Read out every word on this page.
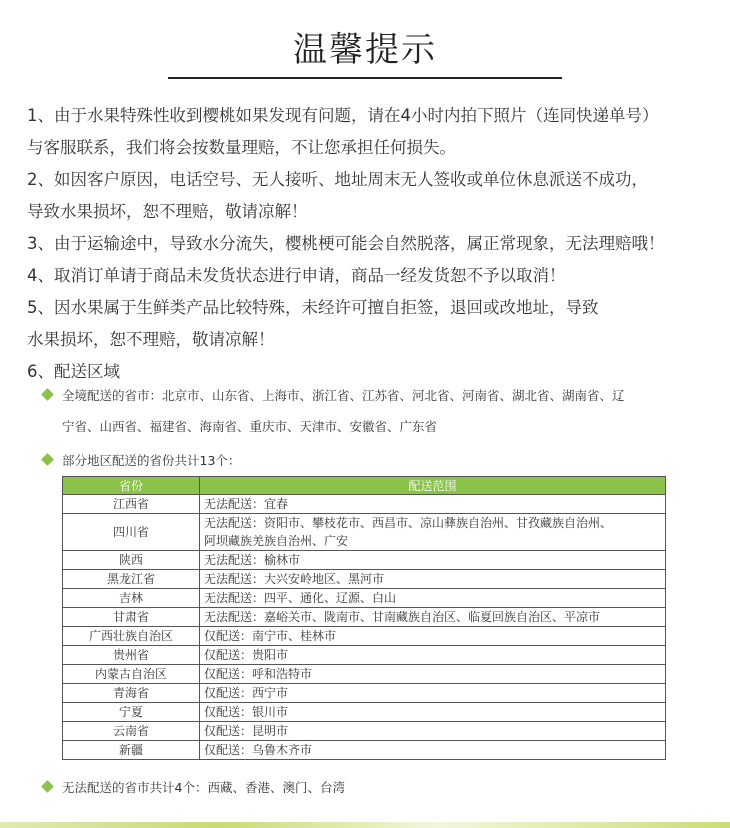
温馨提示
1、由于水果特殊性收到樱桃如果发现有问题，请在4小时内拍下照片（连同快递单号）
与客服联系，我们将会按数量理赔，不让您承担任何损失。
2、如因客户原因，电话空号、无人接听、地址周末无人签收或单位休息派送不成功，
导致水果损坏，恕不理赔，敬请凉解！
3、由于运输途中，导致水分流失，樱桃梗可能会自然脱落，属正常现象，无法理赔哦！
4、取消订单请于商品未发货状态进行申请，商品一经发货恕不予以取消！
5、因水果属于生鲜类产品比较特殊，未经许可擅自拒签，退回或改地址，导致
水果损坏，恕不理赔，敬请凉解！
6、配送区域
全境配送的省市：北京市、山东省、上海市、浙江省、江苏省、河北省、河南省、湖北省、湖南省、辽
宁省、山西省、福建省、海南省、重庆市、天津市、安徽省、广东省
部分地区配送的省份共计13个：
省份	配送范围
江西省	无法配送：宜春

四川省	无法配送：资阳市、攀枝花市、西昌市、凉山彝族自治州、甘孜藏族自治州、
阿坝藏族羌族自治州、广安

陕西	无法配送：榆林市

黑龙江省	无法配送：大兴安岭地区、黑河市

吉林	无法配送：四平、通化、辽源、白山

甘肃省	无法配送：嘉峪关市、陇南市、甘南藏族自治区、临夏回族自治区、平凉市

广西壮族自治区	仅配送：南宁市、桂林市

贵州省	仅配送：贵阳市

内蒙古自治区	仅配送：呼和浩特市

青海省	仅配送：西宁市

宁夏	仅配送：银川市

云南省	仅配送：昆明市

新疆	仅配送：乌鲁木齐市
无法配送的省市共计4个：西藏、香港、澳门、台湾
